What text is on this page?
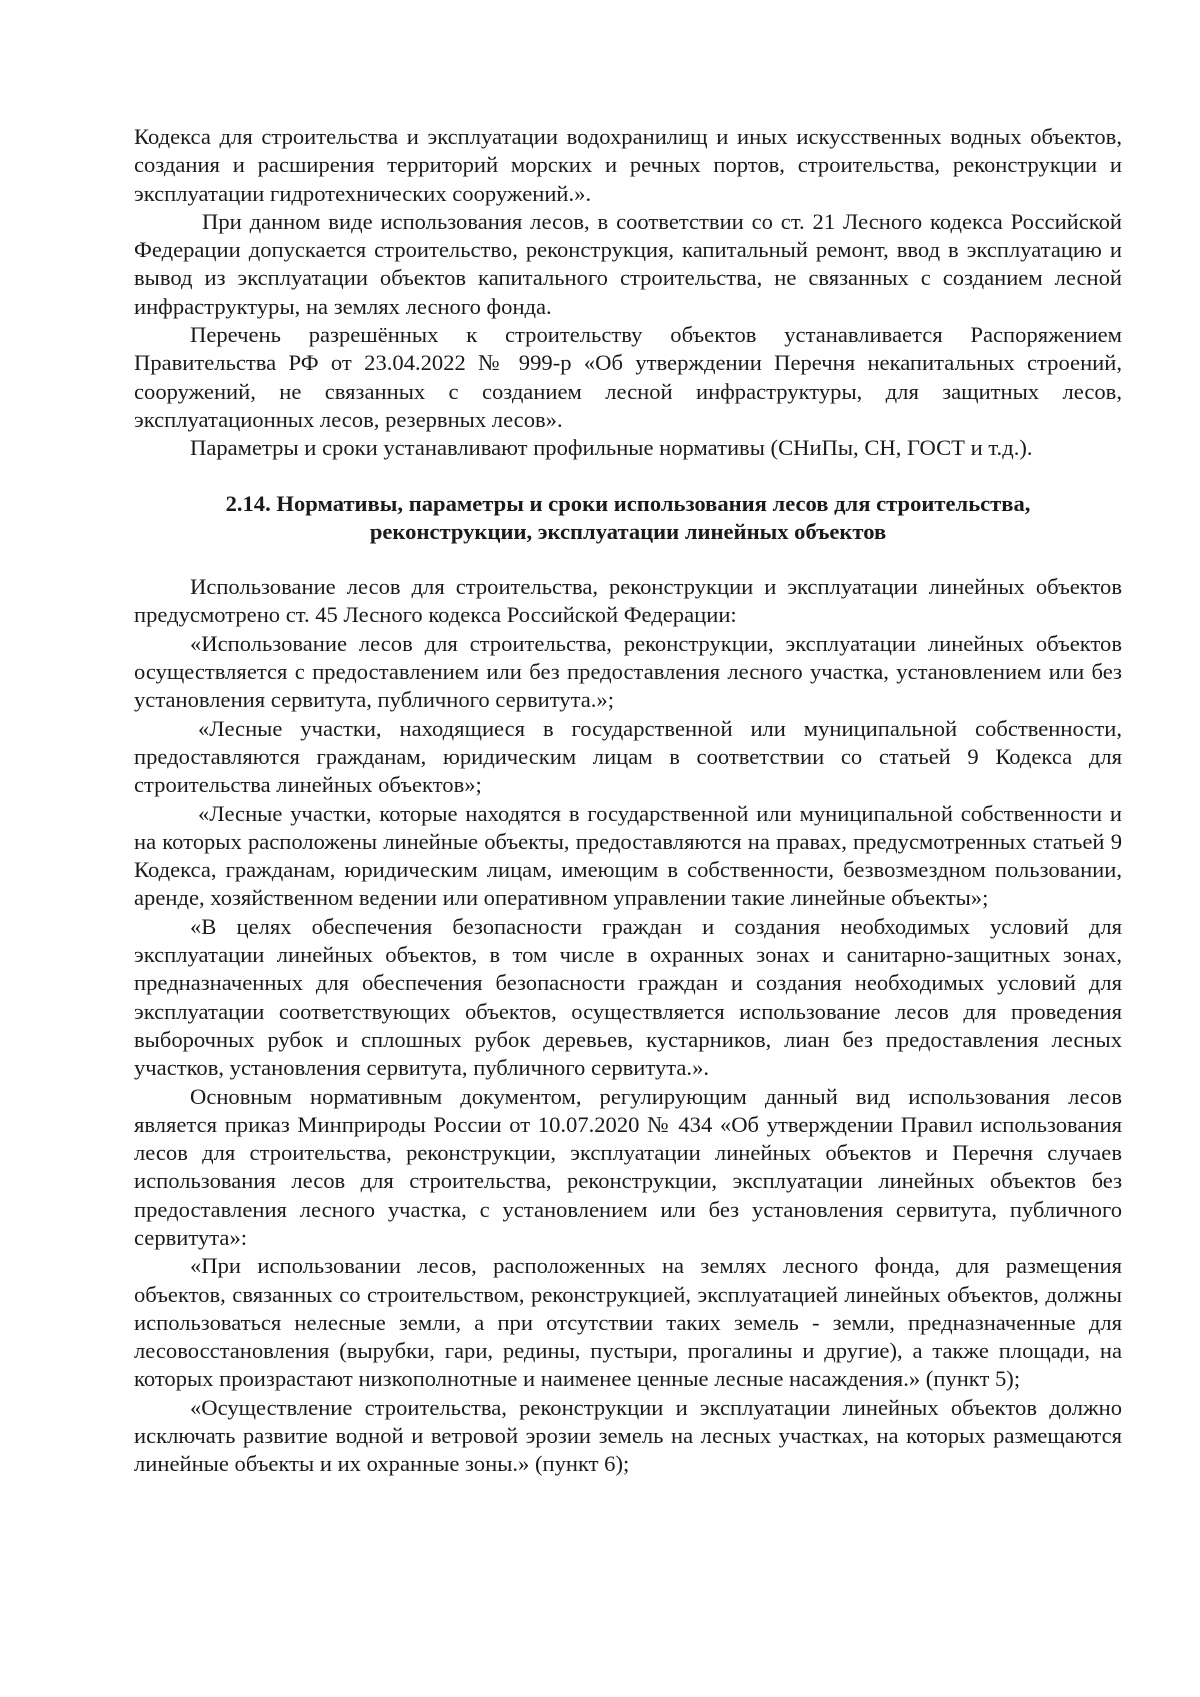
Кодекса для строительства и эксплуатации водохранилищ и иных искусственных водных объектов, создания и расширения территорий морских и речных портов, строительства, реконструкции и эксплуатации гидротехнических сооружений.».

При данном виде использования лесов, в соответствии со ст. 21 Лесного кодекса Российской Федерации допускается строительство, реконструкция, капитальный ремонт, ввод в эксплуатацию и вывод из эксплуатации объектов капитального строительства, не связанных с созданием лесной инфраструктуры, на землях лесного фонда.

Перечень разрешённых к строительству объектов устанавливается Распоряжением Правительства РФ от 23.04.2022 № 999-р «Об утверждении Перечня некапитальных строений, сооружений, не связанных с созданием лесной инфраструктуры, для защитных лесов, эксплуатационных лесов, резервных лесов».

Параметры и сроки устанавливают профильные нормативы (СНиПы, СН, ГОСТ и т.д.).

2.14. Нормативы, параметры и сроки использования лесов для строительства,
реконструкции, эксплуатации линейных объектов

Использование лесов для строительства, реконструкции и эксплуатации линейных объектов предусмотрено ст. 45 Лесного кодекса Российской Федерации:

«Использование лесов для строительства, реконструкции, эксплуатации линейных объектов осуществляется с предоставлением или без предоставления лесного участка, установлением или без установления сервитута, публичного сервитута.»;

«Лесные участки, находящиеся в государственной или муниципальной собственности, предоставляются гражданам, юридическим лицам в соответствии со статьей 9 Кодекса для строительства линейных объектов»;

«Лесные участки, которые находятся в государственной или муниципальной собственности и на которых расположены линейные объекты, предоставляются на правах, предусмотренных статьей 9 Кодекса, гражданам, юридическим лицам, имеющим в собственности, безвозмездном пользовании, аренде, хозяйственном ведении или оперативном управлении такие линейные объекты»;

«В целях обеспечения безопасности граждан и создания необходимых условий для эксплуатации линейных объектов, в том числе в охранных зонах и санитарно-защитных зонах, предназначенных для обеспечения безопасности граждан и создания необходимых условий для эксплуатации соответствующих объектов, осуществляется использование лесов для проведения выборочных рубок и сплошных рубок деревьев, кустарников, лиан без предоставления лесных участков, установления сервитута, публичного сервитута.».

Основным нормативным документом, регулирующим данный вид использования лесов является приказ Минприроды России от 10.07.2020 № 434 «Об утверждении Правил использования лесов для строительства, реконструкции, эксплуатации линейных объектов и Перечня случаев использования лесов для строительства, реконструкции, эксплуатации линейных объектов без предоставления лесного участка, с установлением или без установления сервитута, публичного сервитута»:

«При использовании лесов, расположенных на землях лесного фонда, для размещения объектов, связанных со строительством, реконструкцией, эксплуатацией линейных объектов, должны использоваться нелесные земли, а при отсутствии таких земель - земли, предназначенные для лесовосстановления (вырубки, гари, редины, пустыри, прогалины и другие), а также площади, на которых произрастают низкополнотные и наименее ценные лесные насаждения.» (пункт 5);

«Осуществление строительства, реконструкции и эксплуатации линейных объектов должно исключать развитие водной и ветровой эрозии земель на лесных участках, на которых размещаются линейные объекты и их охранные зоны.» (пункт 6);
